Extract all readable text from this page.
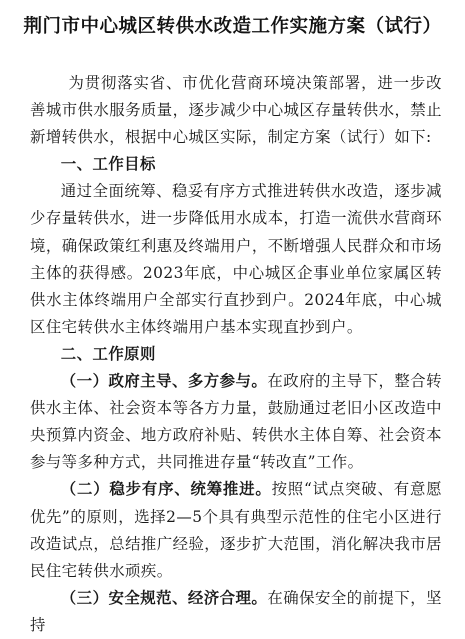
荆门市中心城区转供水改造工作实施方案（试行）

为贯彻落实省、市优化营商环境决策部署，进一步改善城市供水服务质量，逐步减少中心城区存量转供水，禁止新增转供水，根据中心城区实际，制定方案（试行）如下:

一、工作目标

通过全面统筹、稳妥有序方式推进转供水改造，逐步减少存量转供水，进一步降低用水成本，打造一流供水营商环境，确保政策红利惠及终端用户，不断增强人民群众和市场主体的获得感。2023年底，中心城区企事业单位家属区转供水主体终端用户全部实行直抄到户。2024年底，中心城区住宅转供水主体终端用户基本实现直抄到户。

二、工作原则

（一）政府主导、多方参与。在政府的主导下，整合转供水主体、社会资本等各方力量，鼓励通过老旧小区改造中央预算内资金、地方政府补贴、转供水主体自筹、社会资本参与等多种方式，共同推进存量“转改直”工作。

（二）稳步有序、统筹推进。按照“试点突破、有意愿优先”的原则，选择2—5个具有典型示范性的住宅小区进行改造试点，总结推广经验，逐步扩大范围，消化解决我市居民住宅转供水顽疾。

（三）安全规范、经济合理。在确保安全的前提下，坚持
